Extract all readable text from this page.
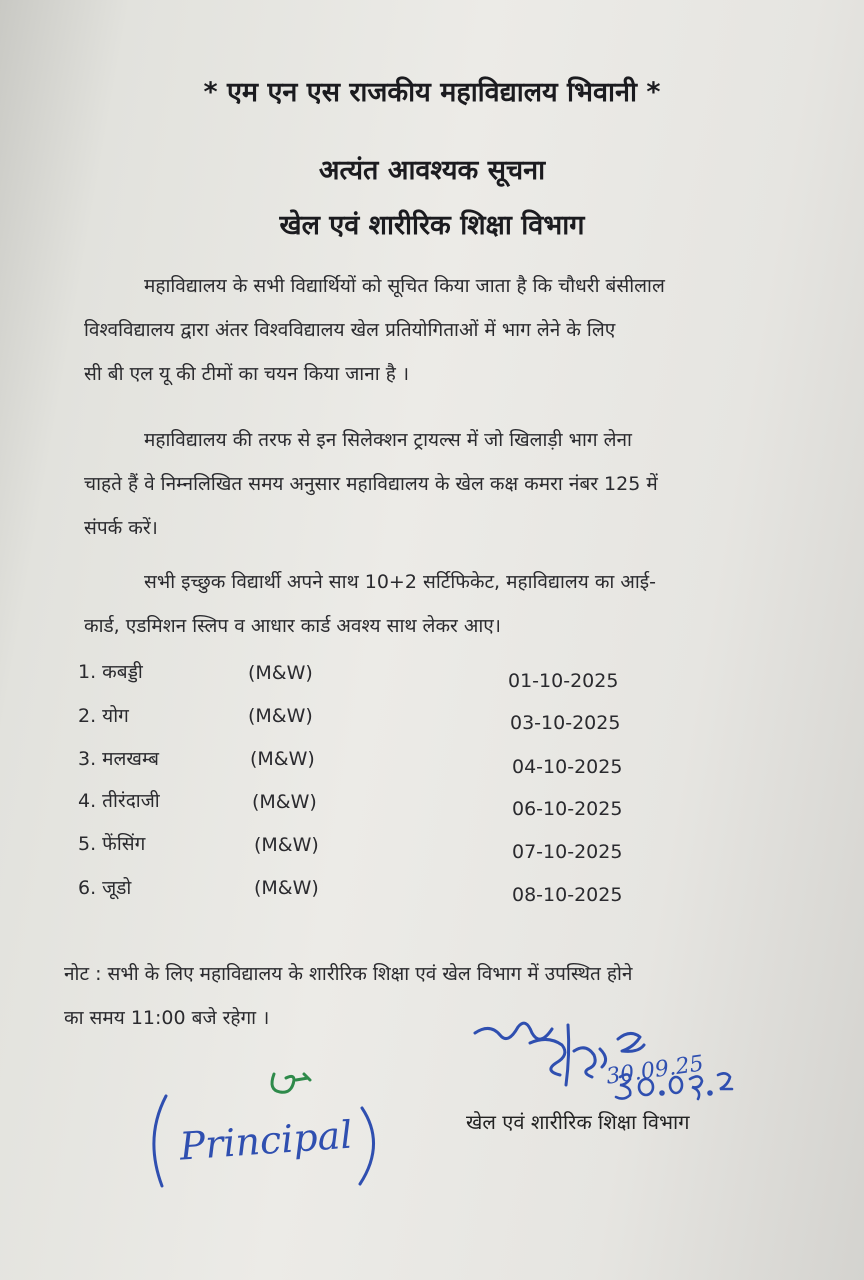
* एम एन एस राजकीय महाविद्यालय भिवानी *
अत्यंत आवश्यक सूचना
खेल एवं शारीरिक शिक्षा विभाग
महाविद्यालय के सभी विद्यार्थियों को सूचित किया जाता है कि चौधरी बंसीलाल
विश्वविद्यालय द्वारा अंतर विश्वविद्यालय खेल प्रतियोगिताओं में भाग लेने के लिए
सी बी एल यू की टीमों का चयन किया जाना है ।
महाविद्यालय की तरफ से इन सिलेक्शन ट्रायल्स में जो खिलाड़ी भाग लेना
चाहते हैं वे निम्नलिखित समय अनुसार महाविद्यालय के खेल कक्ष कमरा नंबर 125 में
संपर्क करें।
सभी इच्छुक विद्यार्थी अपने साथ 10+2 सर्टिफिकेट, महाविद्यालय का आई-
कार्ड, एडमिशन स्लिप व आधार कार्ड अवश्य साथ लेकर आए।
1. कबड्डी	(M&W)	01-10-2025
2. योग	(M&W)	03-10-2025
3. मलखम्ब	(M&W)	04-10-2025
4. तीरंदाजी	(M&W)	06-10-2025
5. फेंसिंग	(M&W)	07-10-2025
6. जूडो	(M&W)	08-10-2025
नोट : सभी के लिए महाविद्यालय के शारीरिक शिक्षा एवं खेल विभाग में उपस्थित होने
का समय 11:00 बजे रहेगा ।
Principal	खेल एवं शारीरिक शिक्षा विभाग
30.09.25
